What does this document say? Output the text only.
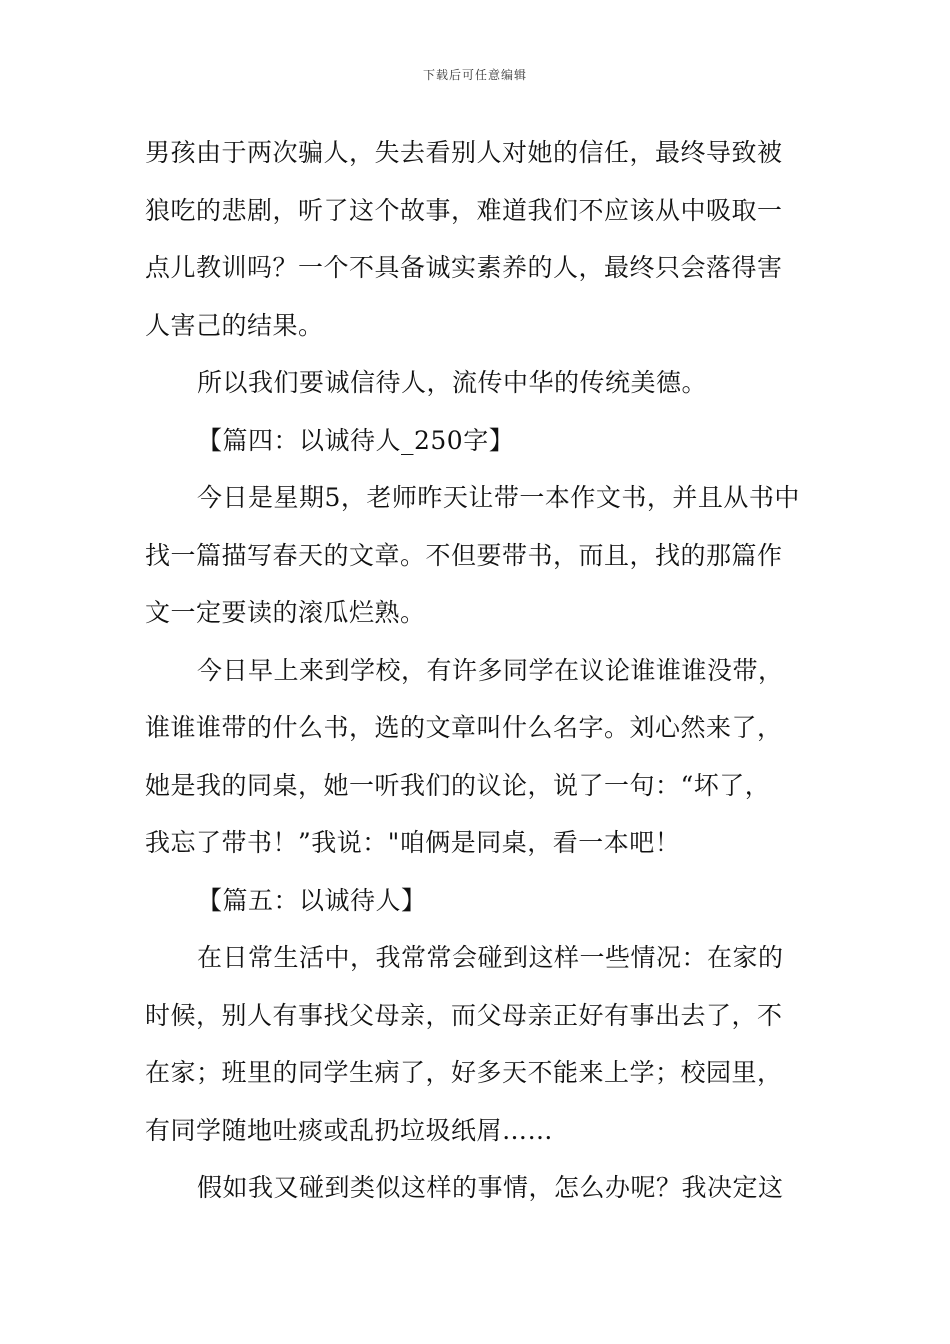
下载后可任意编辑
男孩由于两次骗人，失去看别人对她的信任，最终导致被
狼吃的悲剧，听了这个故事，难道我们不应该从中吸取一
点儿教训吗？一个不具备诚实素养的人，最终只会落得害
人害己的结果。
所以我们要诚信待人，流传中华的传统美德。
【篇四：以诚待人_250字】
今日是星期5，老师昨天让带一本作文书，并且从书中
找一篇描写春天的文章。不但要带书，而且，找的那篇作
文一定要读的滚瓜烂熟。
今日早上来到学校，有许多同学在议论谁谁谁没带，
谁谁谁带的什么书，选的文章叫什么名字。刘心然来了，
她是我的同桌，她一听我们的议论，说了一句：“坏了，
我忘了带书！”我说："咱俩是同桌，看一本吧！
【篇五：以诚待人】
在日常生活中，我常常会碰到这样一些情况：在家的
时候，别人有事找父母亲，而父母亲正好有事出去了，不
在家；班里的同学生病了，好多天不能来上学；校园里，
有同学随地吐痰或乱扔垃圾纸屑……
假如我又碰到类似这样的事情，怎么办呢？我决定这
